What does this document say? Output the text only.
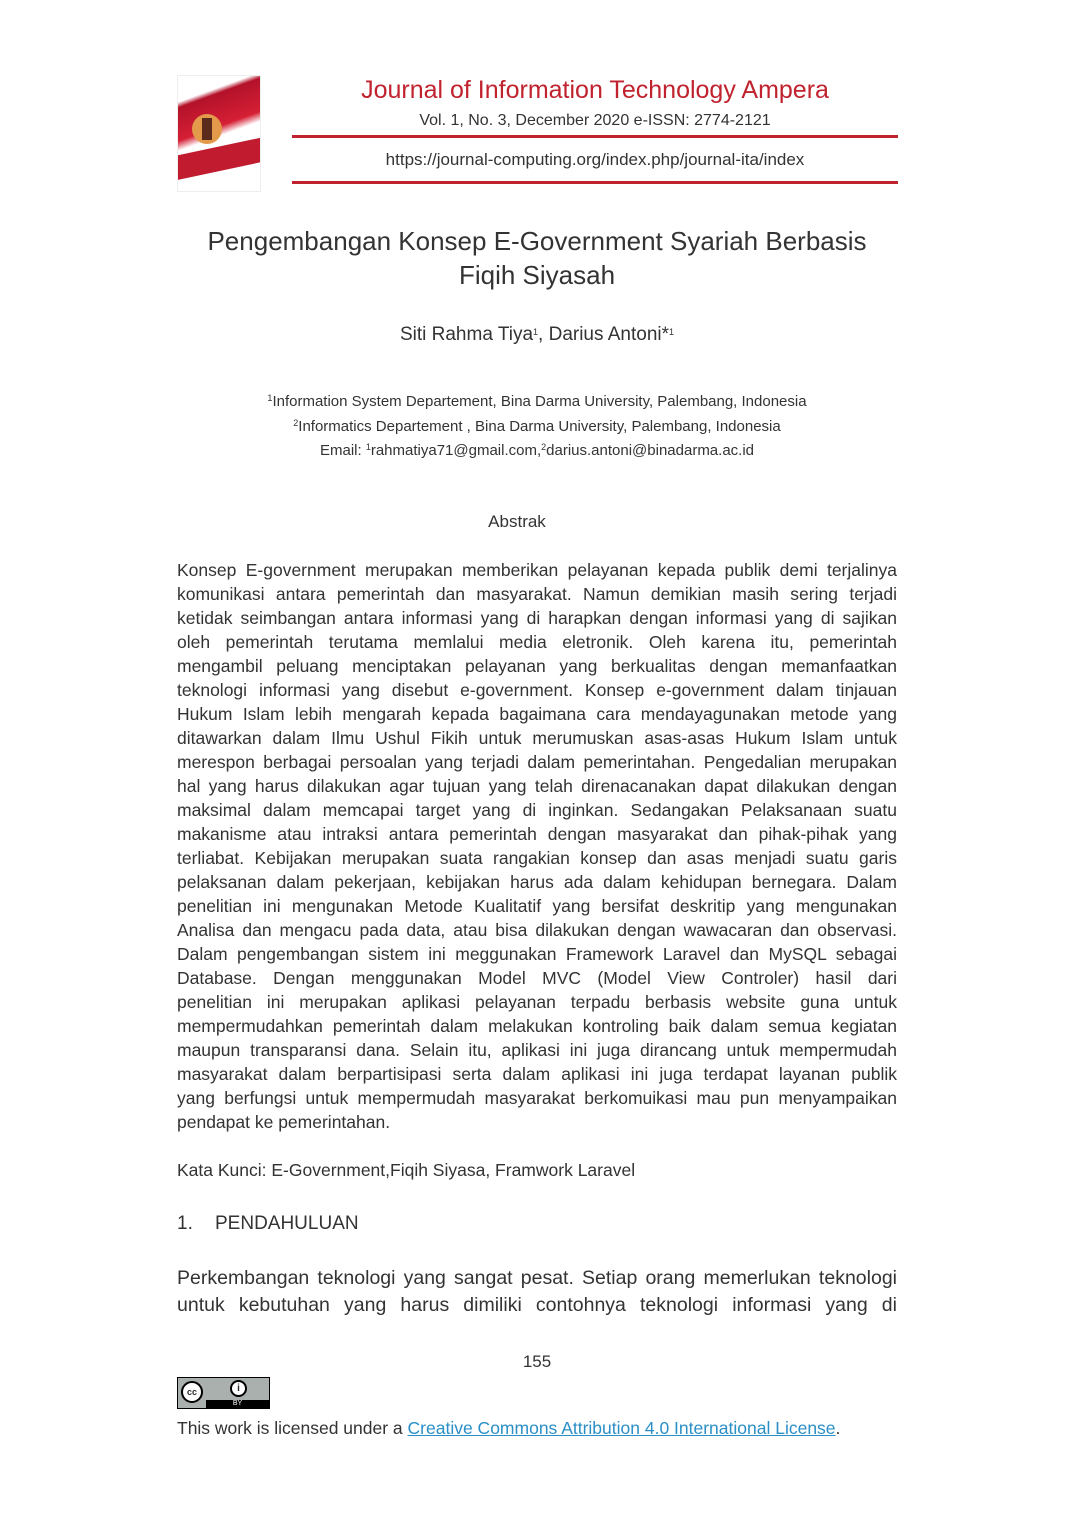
Journal of Information Technology Ampera
Vol. 1, No. 3, December 2020 e-ISSN: 2774-2121
https://journal-computing.org/index.php/journal-ita/index
Pengembangan Konsep E-Government Syariah Berbasis Fiqih Siyasah
Siti Rahma Tiya$^1$, Darius Antoni*$^1$
$^1$Information System Departement, Bina Darma University, Palembang, Indonesia
$^2$Informatics Departement , Bina Darma University, Palembang, Indonesia
Email: $^1$rahmatiya71@gmail.com,$^2$darius.antoni@binadarma.ac.id
Abstrak
Konsep E-government merupakan memberikan pelayanan kepada publik demi terjalinya
komunikasi antara pemerintah dan masyarakat. Namun demikian masih sering terjadi
ketidak seimbangan antara informasi yang di harapkan dengan informasi yang di sajikan
oleh pemerintah terutama memlalui media eletronik. Oleh karena itu, pemerintah
mengambil peluang menciptakan pelayanan yang berkualitas dengan memanfaatkan
teknologi informasi yang disebut e-government. Konsep e-government dalam tinjauan
Hukum Islam lebih mengarah kepada bagaimana cara mendayagunakan metode yang
ditawarkan dalam Ilmu Ushul Fikih untuk merumuskan asas-asas Hukum Islam untuk
merespon berbagai persoalan yang terjadi dalam pemerintahan. Pengedalian merupakan
hal yang harus dilakukan agar tujuan yang telah direnacanakan dapat dilakukan dengan
maksimal dalam memcapai target yang di inginkan. Sedangakan Pelaksanaan suatu
makanisme atau intraksi antara pemerintah dengan masyarakat dan pihak-pihak yang
terliabat. Kebijakan merupakan suata rangakian konsep dan asas menjadi suatu garis
pelaksanan dalam pekerjaan, kebijakan harus ada dalam kehidupan bernegara. Dalam
penelitian ini mengunakan Metode Kualitatif yang bersifat deskritip yang mengunakan
Analisa dan mengacu pada data, atau bisa dilakukan dengan wawacaran dan observasi.
Dalam pengembangan sistem ini meggunakan Framework Laravel dan MySQL sebagai
Database. Dengan menggunakan Model MVC (Model View Controler) hasil dari
penelitian ini merupakan aplikasi pelayanan terpadu berbasis website guna untuk
mempermudahkan pemerintah dalam melakukan kontroling baik dalam semua kegiatan
maupun transparansi dana. Selain itu, aplikasi ini juga dirancang untuk mempermudah
masyarakat dalam berpartisipasi serta dalam aplikasi ini juga terdapat layanan publik
yang berfungsi untuk mempermudah masyarakat berkomuikasi mau pun menyampaikan
pendapat ke pemerintahan.
Kata Kunci: E-Government,Fiqih Siyasa, Framwork Laravel
1. PENDAHULUAN
Perkembangan teknologi yang sangat pesat. Setiap orang memerlukan teknologi
untuk kebutuhan yang harus dimiliki contohnya teknologi informasi yang di
155
cc	i
BY
This work is licensed under a Creative Commons Attribution 4.0 International License.
